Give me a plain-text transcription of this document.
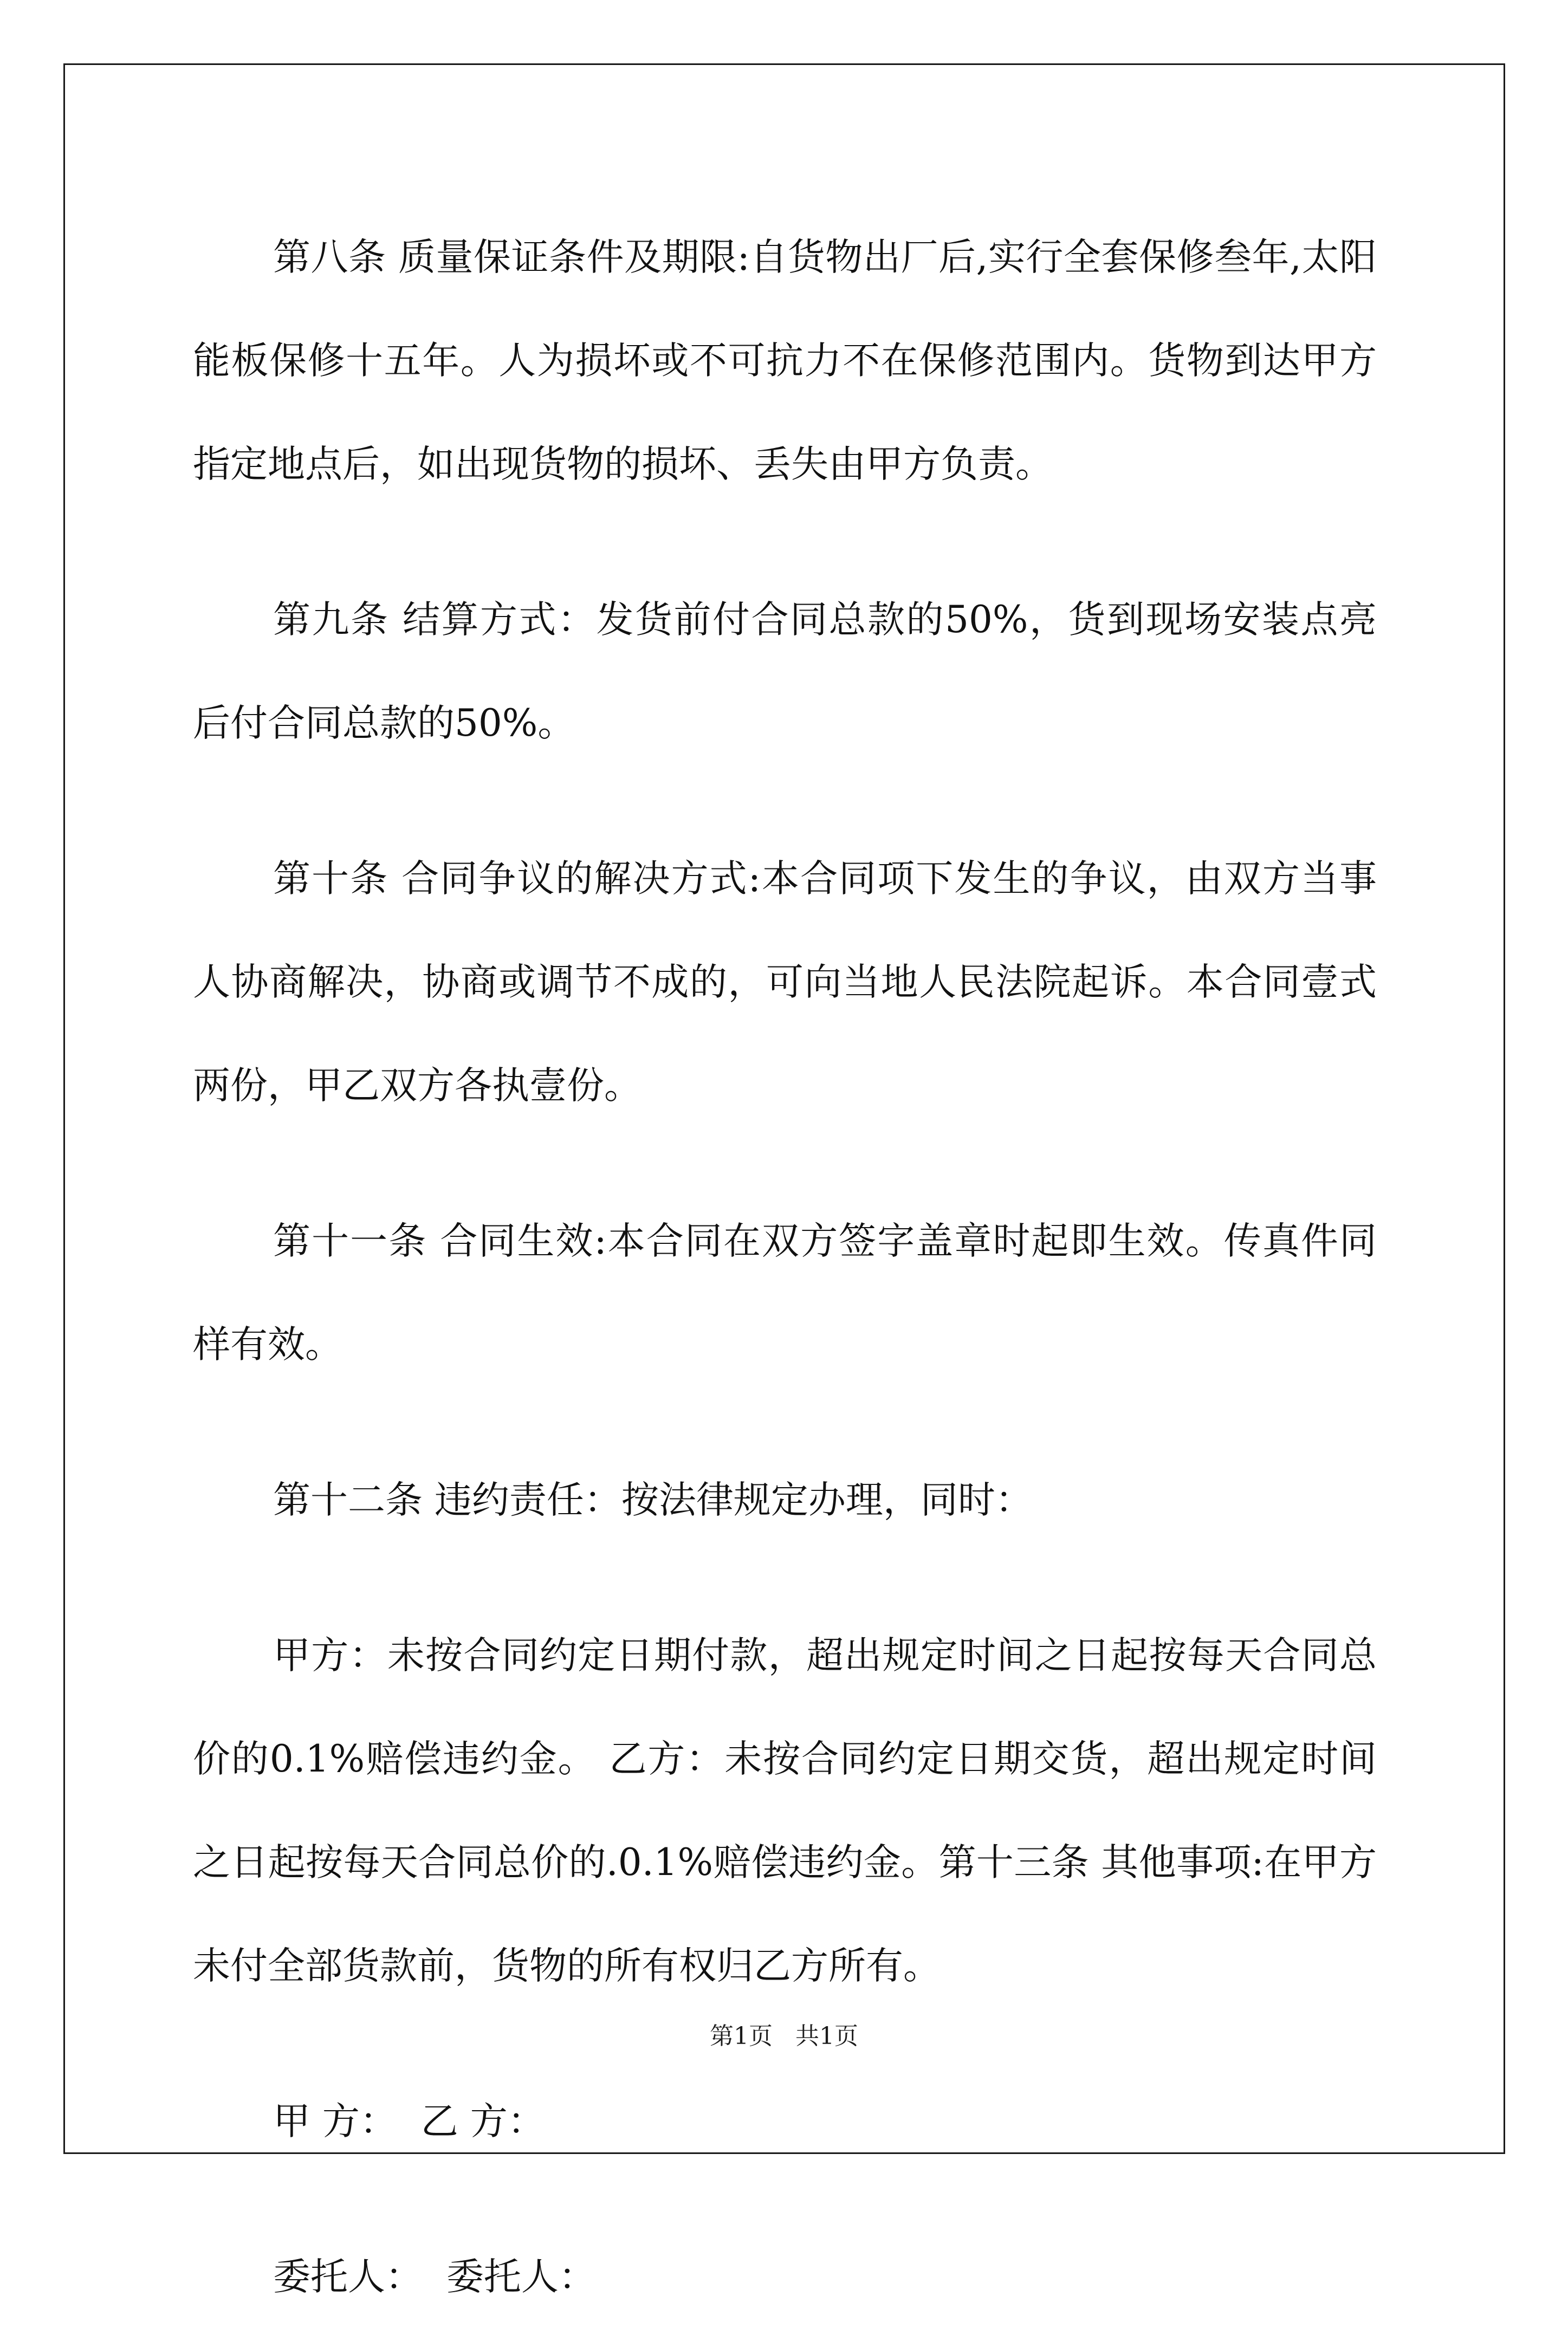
第八条 质量保证条件及期限:自货物出厂后,实行全套保修叁年,太阳能板保修十五年。人为损坏或不可抗力不在保修范围内。货物到达甲方指定地点后，如出现货物的损坏、丢失由甲方负责。

第九条 结算方式：发货前付合同总款的50%，货到现场安装点亮后付合同总款的50%。

第十条 合同争议的解决方式:本合同项下发生的争议，由双方当事人协商解决，协商或调节不成的，可向当地人民法院起诉。本合同壹式两份，甲乙双方各执壹份。

第十一条 合同生效:本合同在双方签字盖章时起即生效。传真件同样有效。

第十二条 违约责任：按法律规定办理，同时：

甲方：未按合同约定日期付款，超出规定时间之日起按每天合同总价的0.1%赔偿违约金。 乙方：未按合同约定日期交货，超出规定时间之日起按每天合同总价的.0.1%赔偿违约金。第十三条 其他事项:在甲方未付全部货款前，货物的所有权归乙方所有。

甲 方：  乙 方：

委托人：  委托人：

第1页   共1页
